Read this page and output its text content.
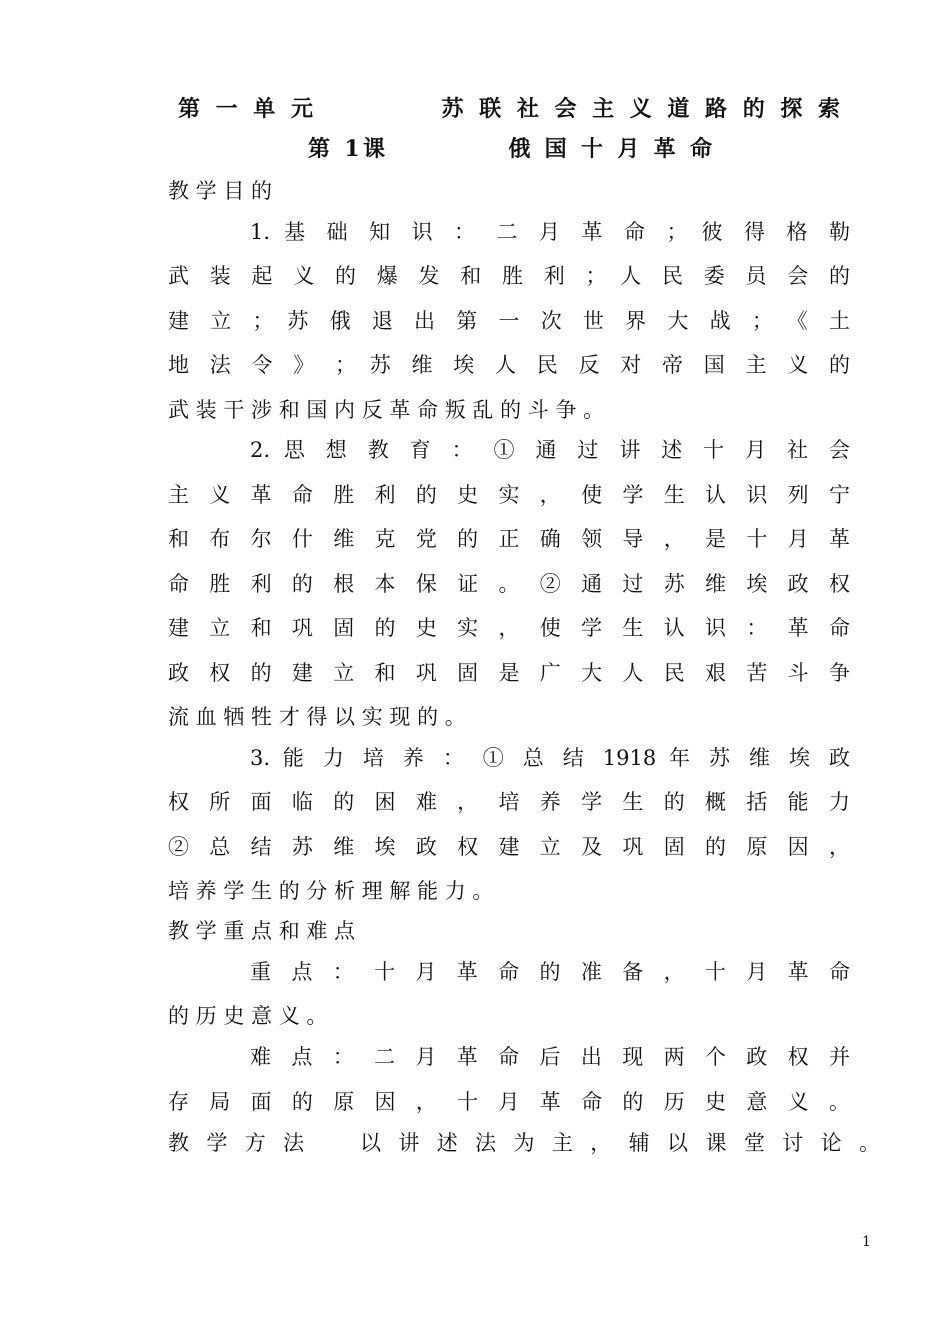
第 一 单 元 　 　 　 苏 联 社 会 主 义 道 路 的 探 索
第 1课 　 　 　 俄 国 十 月 革 命
教 学 目 的
1. 基 础 知 识 ： 二 月 革 命 ； 彼 得 格 勒
武 装 起 义 的 爆 发 和 胜 利 ； 人 民 委 员 会 的
建 立 ； 苏 俄 退 出 第 一 次 世 界 大 战 ； 《 土
地 法 令 》 ； 苏 维 埃 人 民 反 对 帝 国 主 义 的
武 装 干 涉 和 国 内 反 革 命 叛 乱 的 斗 争 。
2. 思 想 教 育 ： ① 通 过 讲 述 十 月 社 会
主 义 革 命 胜 利 的 史 实 ， 使 学 生 认 识 列 宁
和 布 尔 什 维 克 党 的 正 确 领 导 ， 是 十 月 革
命 胜 利 的 根 本 保 证 。 ② 通 过 苏 维 埃 政 权
建 立 和 巩 固 的 史 实 ， 使 学 生 认 识 ： 革 命
政 权 的 建 立 和 巩 固 是 广 大 人 民 艰 苦 斗 争
流 血 牺 牲 才 得 以 实 现 的 。
3. 能 力 培 养 ： ① 总 结 1918 年 苏 维 埃 政
权 所 面 临 的 困 难 ， 培 养 学 生 的 概 括 能 力
② 总 结 苏 维 埃 政 权 建 立 及 巩 固 的 原 因 ，
培 养 学 生 的 分 析 理 解 能 力 。
教 学 重 点 和 难 点
重 点 ： 十 月 革 命 的 准 备 ， 十 月 革 命
的 历 史 意 义 。
难 点 ： 二 月 革 命 后 出 现 两 个 政 权 并
存 局 面 的 原 因 ， 十 月 革 命 的 历 史 意 义 。
教 学 方 法 　 以 讲 述 法 为 主 ， 辅 以 课 堂 讨 论 。
1
